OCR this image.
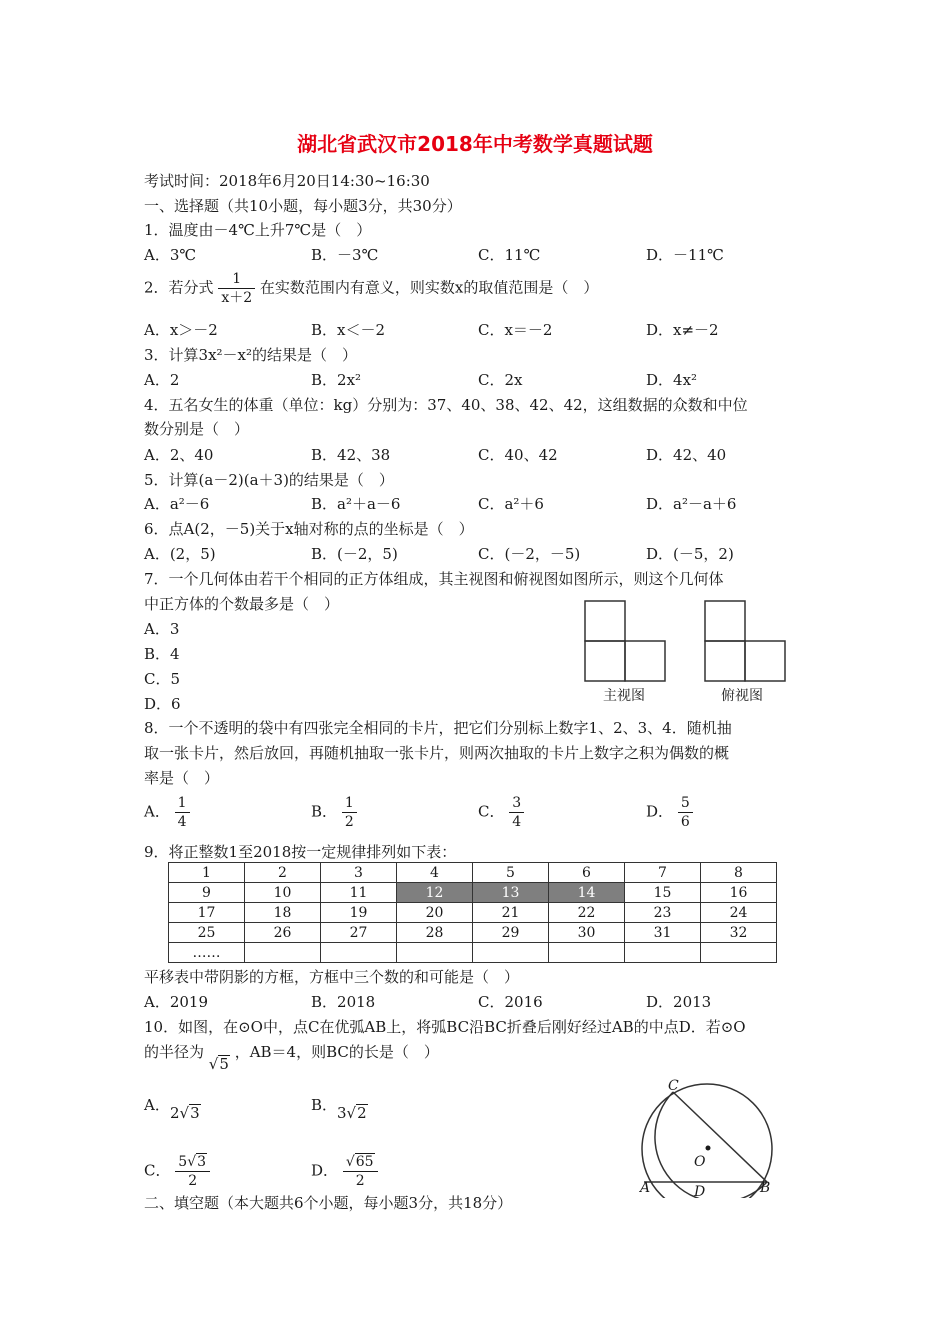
湖北省武汉市2018年中考数学真题试题
考试时间：2018年6月20日14:30~16:30
一、选择题（共10小题，每小题3分，共30分）
1．温度由－4℃上升7℃是（　）
A．3℃	B．－3℃	C．11℃	D．－11℃
2．若分式 $\frac{1}{x+2}$ 在实数范围内有意义，则实数x的取值范围是（　）
A．x＞－2	B．x＜－2	C．x＝－2	D．x≠－2
3．计算3x²－x²的结果是（　）
A．2	B．2x²	C．2x	D．4x²
4．五名女生的体重（单位：kg）分别为：37、40、38、42、42，这组数据的众数和中位
数分别是（　）
A．2、40	B．42、38	C．40、42	D．42、40
5．计算(a－2)(a＋3)的结果是（　）
A．a²－6	B．a²＋a－6	C．a²＋6	D．a²－a＋6
6．点A(2，－5)关于x轴对称的点的坐标是（　）
A．(2，5)	B．(－2，5)	C．(－2，－5)	D．(－5，2)
7．一个几何体由若干个相同的正方体组成，其主视图和俯视图如图所示，则这个几何体
中正方体的个数最多是（　）
A．3
B．4
C．5
D．6	主视图	俯视图
8．一个不透明的袋中有四张完全相同的卡片，把它们分别标上数字1、2、3、4．随机抽
取一张卡片，然后放回，再随机抽取一张卡片，则两次抽取的卡片上数字之积为偶数的概
率是（　）
A． $\frac{1}{4}$	B． $\frac{1}{2}$	C． $\frac{3}{4}$	D． $\frac{5}{6}$
9．将正整数1至2018按一定规律排列如下表：
1	2	3	4	5	6	7	8
9	10	11	12	13	14	15	16
17	18	19	20	21	22	23	24
25	26	27	28	29	30	31	32
……							
平移表中带阴影的方框，方框中三个数的和可能是（　）
A．2019	B．2018	C．2016	D．2013
10．如图，在⊙O中，点C在优弧AB上，将弧BC沿BC折叠后刚好经过AB的中点D．若⊙O
的半径为 √5 ，AB＝4，则BC的长是（　）
A． 2√3	B． 3√2
C． $\frac{5√3}{2}$	D． $\frac{√65}{2}$
C
O
A	D	B
二、填空题（本大题共6个小题，每小题3分，共18分）
